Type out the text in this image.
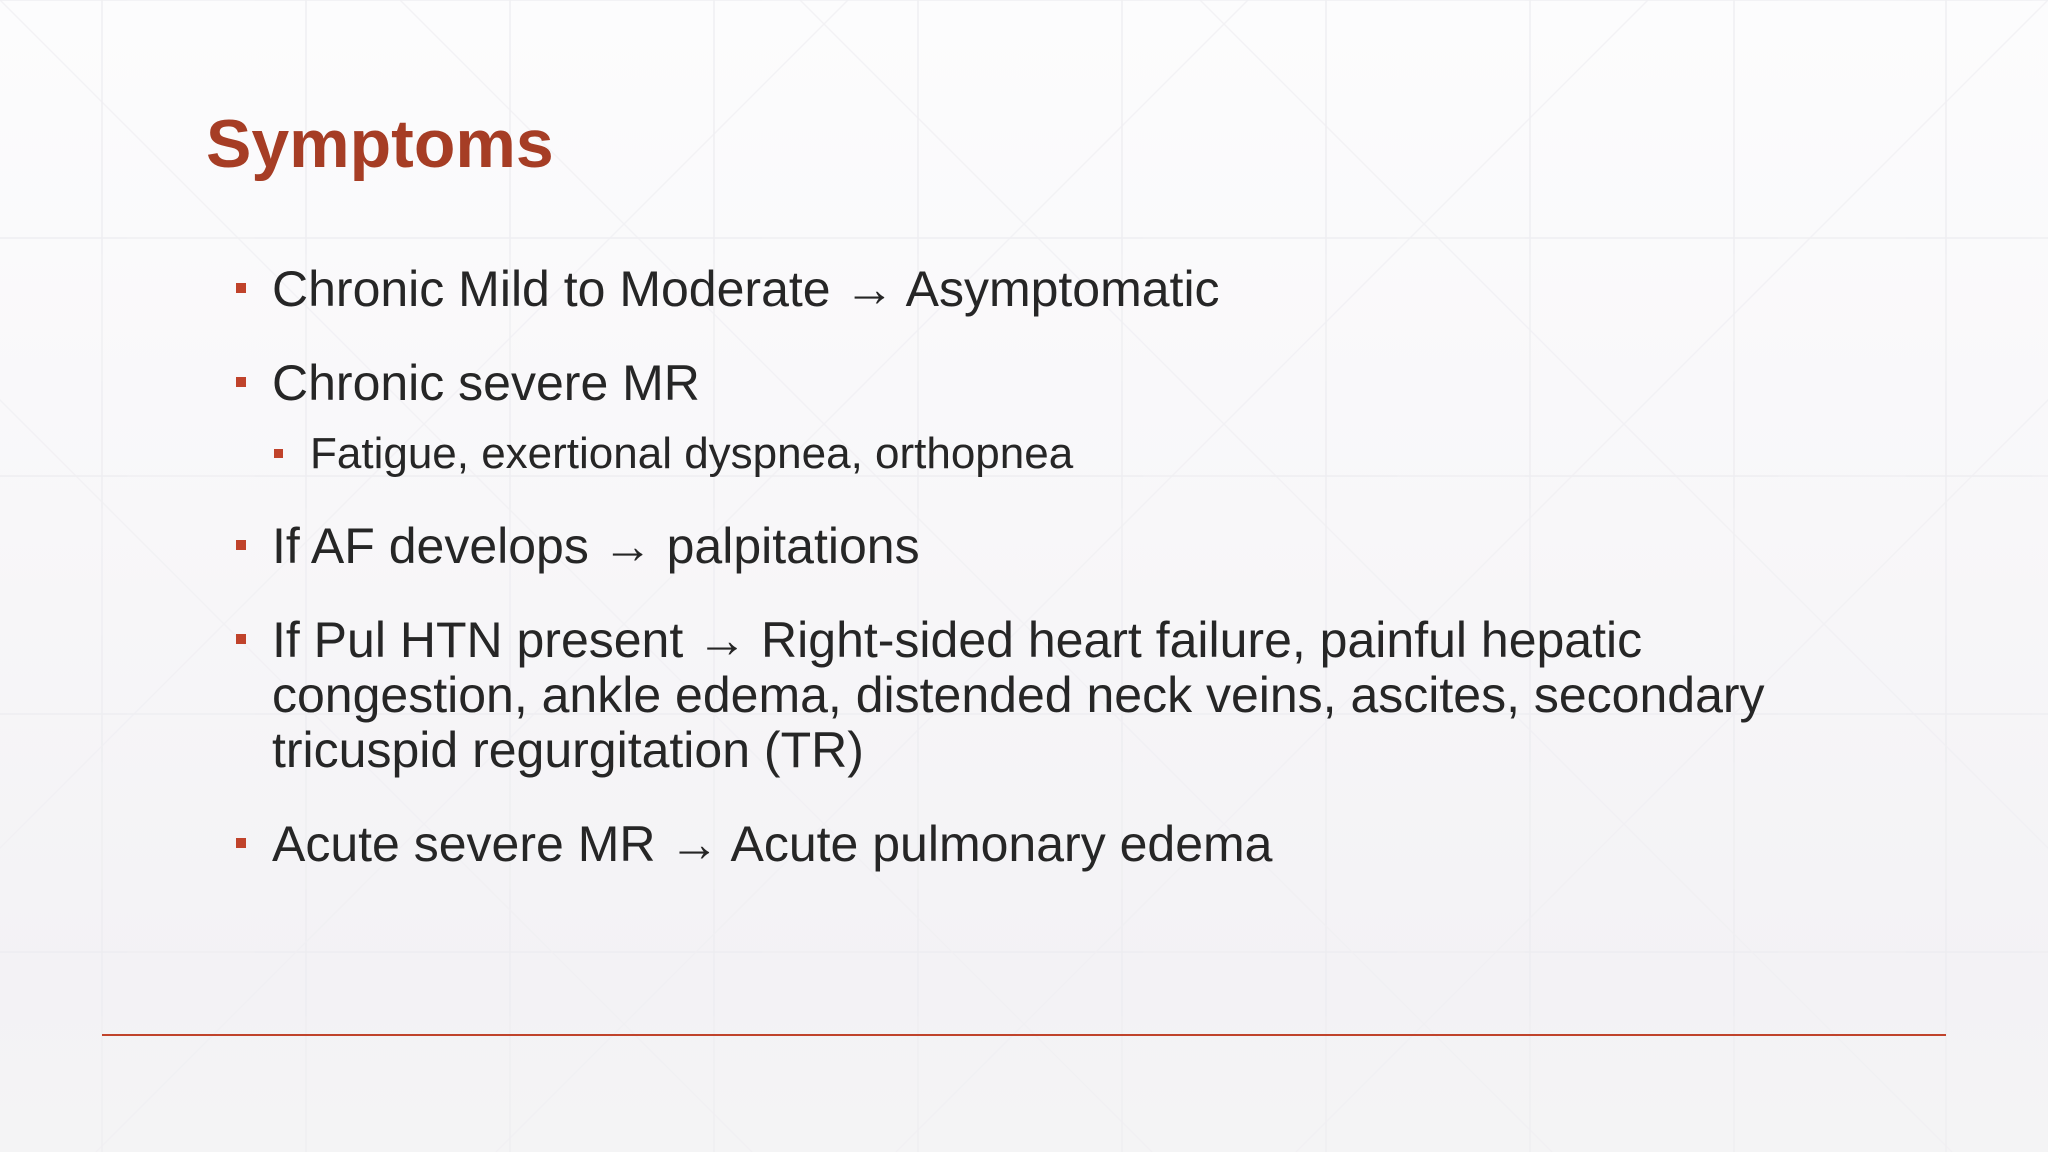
Symptoms
Chronic Mild to Moderate → Asymptomatic
Chronic severe MR
Fatigue, exertional dyspnea, orthopnea
If AF develops → palpitations
If Pul HTN present → Right-sided heart failure, painful hepatic congestion, ankle edema, distended neck veins, ascites, secondary tricuspid regurgitation (TR)
Acute severe MR → Acute pulmonary edema
